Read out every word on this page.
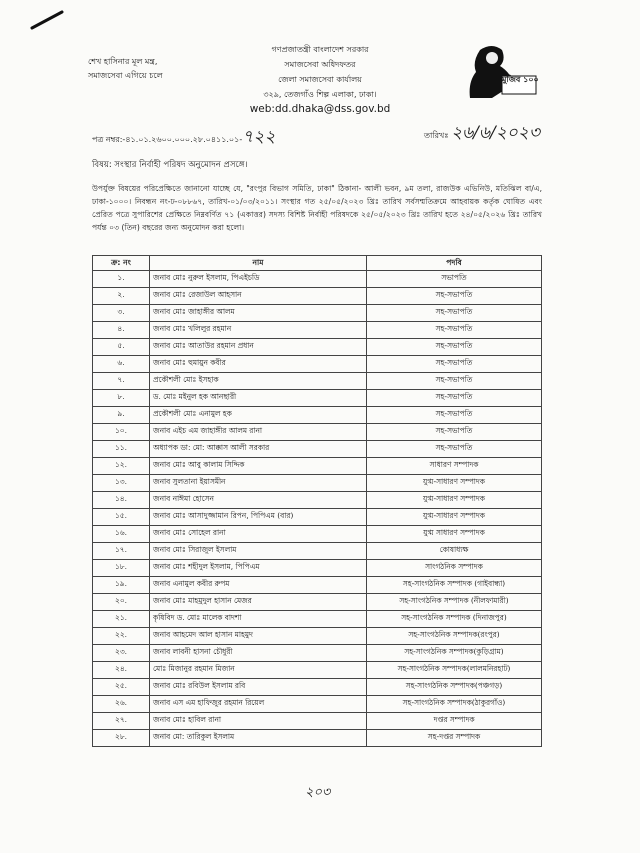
শেখ হাসিনার মূল মন্ত্র,
সমাজসেবা এগিয়ে চলে
গণপ্রজাতন্ত্রী বাংলাদেশ সরকার
সমাজসেবা অধিদফতর
জেলা সমাজসেবা কার্যালয়
৩২৯, তেজগাঁও শিল্প এলাকা, ঢাকা।
web:dd.dhaka@dss.gov.bd
মুজিব ১০০
পত্র নম্বর:-৪১.০১.২৬০০.০০০.২৮.০৪১১.০১-৭২২	তারিখঃ ২৬/৬/২০২৩
বিষয়: সংস্থার নির্বাহী পরিষদ অনুমোদন প্রসঙ্গে।
উপর্যুক্ত বিষয়ের পরিপ্রেক্ষিতে জানানো যাচ্ছে যে, "রংপুর বিভাগ সমিতি, ঢাকা" ঠিকানা- আলী ভবন, ৯ম তলা, রাজউক এভিনিউ, মতিঝিল বা/এ, ঢাকা-১০০০। নিবন্ধন নং-ঢ-০৮৮৬৭, তারিখ-০১/০৩/২০১১। সংস্থার গত ২৫/০৫/২০২৩ খ্রিঃ তারিখ সর্বসম্মতিক্রমে আহবায়ক কর্তৃক ঘোষিত এবং প্রেরিত পত্রে সুপারিশের প্রেক্ষিতে নিম্নবর্ণিত ৭১ (একাত্তর) সদস্য বিশিষ্ট নির্বাহী পরিষদকে ২৫/০৫/২০২৩ খ্রিঃ তারিখ হতে ২৪/০৫/২০২৬ খ্রিঃ তারিখ পর্যন্ত ০৩ (তিন) বছরের জন্য অনুমোদন করা হলো।
ক্র: নং	নাম	পদবি
১.	জনাব মোঃ নুরুল ইসলাম, পিএইচডি	সভাপতি
২.	জনাব মোঃ রেজাউল আহসান	সহ-সভাপতি
৩.	জনাব মোঃ জাহাঙ্গীর আলম	সহ-সভাপতি
৪.	জনাব মোঃ খলিলুর রহমান	সহ-সভাপতি
৫.	জনাব মোঃ আতাউর রহমান প্রধান	সহ-সভাপতি
৬.	জনাব মোঃ হুমায়ুন কবীর	সহ-সভাপতি
৭.	প্রকৌশলী মোঃ ইসহাক	সহ-সভাপতি
৮.	ড. মোঃ মইনুল হক আনছারী	সহ-সভাপতি
৯.	প্রকৌশলী মোঃ এনামুল হক	সহ-সভাপতি
১০.	জনাব এইচ এম জাহাঙ্গীর আলম রানা	সহ-সভাপতি
১১.	অধ্যাপক ডা: মো: আক্কাস আলী সরকার	সহ-সভাপতি
১২.	জনাব মোঃ আবু কালাম সিদ্দিক	সাধারণ সম্পাদক
১৩.	জনাব সুলতানা ইয়াসমীন	যুগ্ম-সাধারণ সম্পাদক
১৪.	জনাব নাঈমা হোসেন	যুগ্ম-সাধারণ সম্পাদক
১৫.	জনাব মোঃ আসাদুজ্জামান রিপন, পিপিএম (বার)	যুগ্ম-সাধারণ সম্পাদক
১৬.	জনাব মোঃ সোহেল রানা	যুগ্ম সাধারণ সম্পাদক
১৭.	জনাব মোঃ সিরাজুল ইসলাম	কোষাধ্যক্ষ
১৮.	জনাব মোঃ শহীদুল ইসলাম, পিপিএম	সাংগঠনিক সম্পাদক
১৯.	জনাব এনামুল কবীর রুপম	সহ-সাংগঠনিক সম্পাদক (গাইবান্ধা)
২০.	জনাব মোঃ মাহমুদুল হাসান মেজর	সহ-সাংগঠনিক সম্পাদক (নীলফামারী)
২১.	কৃষিবিদ ড. মোঃ মালেক বাদশা	সহ-সাংগঠনিক সম্পাদক (দিনাজপুর)
২২.	জনাব আহমেদ আল হাসান মাহমুদ	সহ-সাংগঠনিক সম্পাদক(রংপুর)
২৩.	জনাব লাবনী হাসনা চৌধুরী	সহ-সাংগঠনিক সম্পাদক(কুড়িগ্রাম)
২৪.	মোঃ মিজানুর রহমান মিজান	সহ-সাংগঠনিক সম্পাদক(লালমনিরহাট)
২৫.	জনাব মোঃ রবিউল ইসলাম রবি	সহ-সাংগঠনিক সম্পাদক(পঞ্চগড়)
২৬.	জনাব এস এম হাফিজুর রহমান রিয়েল	সহ-সাংগঠনিক সম্পাদক(ঠাকুরগাঁও)
২৭.	জনাব মোঃ হাবিল রানা	দপ্তর সম্পাদক
২৮.	জনাব মো: তারিকুল ইসলাম	সহ-দপ্তর সম্পাদক
২০৩
